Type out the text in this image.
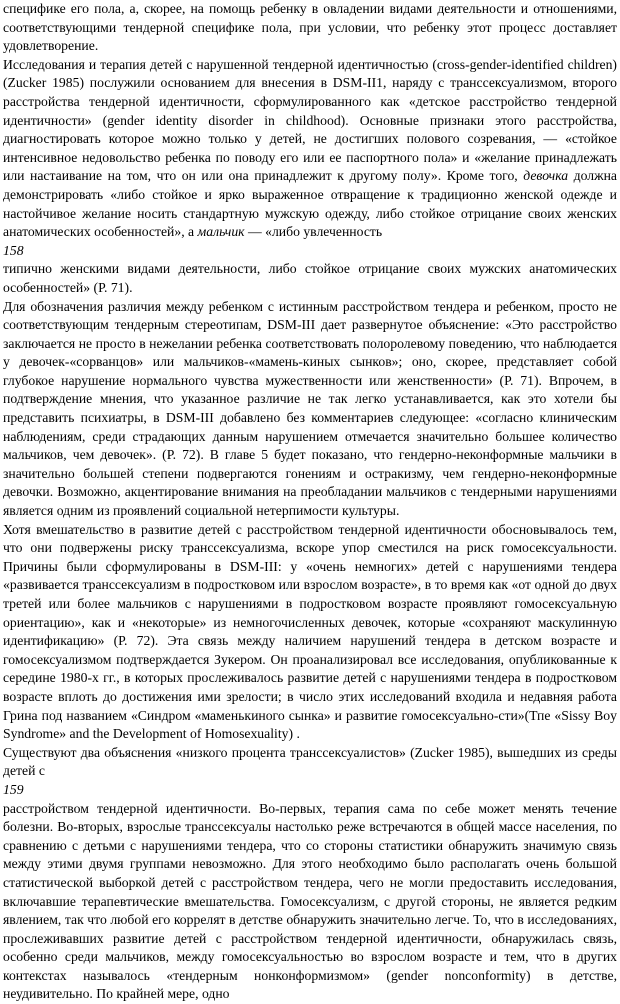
специфике его пола, а, скорее, на помощь ребенку в овладении видами деятельности и отношениями, соответствующими тендерной специфике пола, при условии, что ребенку этот процесс доставляет удовлетворение.

Исследования и терапия детей с нарушенной тендерной идентичностью (cross-gender-identified children) (Zucker 1985) послужили основанием для внесения в DSM-II1, наряду с транссексуализмом, второго расстройства тендерной идентичности, сформулированного как «детское расстройство тендерной идентичности» (gender identity disorder in childhood). Основные признаки этого расстройства, диагностировать которое можно только у детей, не достигших полового созревания, — «стойкое интенсивное недовольство ребенка по поводу его или ее паспортного пола» и «желание принадлежать или настаивание на том, что он или она принадлежит к другому полу». Кроме того, девочка должна демонстрировать «либо стойкое и ярко выраженное отвращение к традиционно женской одежде и настойчивое желание носить стандартную мужскую одежду, либо стойкое отрицание своих женских анатомических особенностей», а мальчик — «либо увлеченность

158

типично женскими видами деятельности, либо стойкое отрицание своих мужских анатомических особенностей» (Р. 71).

Для обозначения различия между ребенком с истинным расстройством тендера и ребенком, просто не соответствующим тендерным стереотипам, DSM-III дает развернутое объяснение: «Это расстройство заключается не просто в нежелании ребенка соответствовать полоролевому поведению, что наблюдается у девочек-«сорванцов» или мальчиков-«мамень-киных сынков»; оно, скорее, представляет собой глубокое нарушение нормального чувства мужественности или женственности» (Р. 71). Впрочем, в подтверждение мнения, что указанное различие не так легко устанавливается, как это хотели бы представить психиатры, в DSM-III добавлено без комментариев следующее: «согласно клиническим наблюдениям, среди страдающих данным нарушением отмечается значительно большее количество мальчиков, чем девочек». (Р. 72). В главе 5 будет показано, что гендерно-неконформные мальчики в значительно большей степени подвергаются гонениям и остракизму, чем гендерно-неконформные девочки. Возможно, акцентирование внимания на преобладании мальчиков с тендерными нарушениями является одним из проявлений социальной нетерпимости культуры.

Хотя вмешательство в развитие детей с расстройством тендерной идентичности обосновывалось тем, что они подвержены риску транссексуализма, вскоре упор сместился на риск гомосексуальности. Причины были сформулированы в DSM-III: у «очень немногих» детей с нарушениями тендера «развивается транссексуализм в подростковом или взрослом возрасте», в то время как «от одной до двух третей или более мальчиков с нарушениями в подростковом возрасте проявляют гомосексуальную ориентацию», как и «некоторые» из немногочисленных девочек, которые «сохраняют маскулинную идентификацию» (Р. 72). Эта связь между наличием нарушений тендера в детском возрасте и гомосексуализмом подтверждается Зукером. Он проанализировал все исследования, опубликованные к середине 1980-х гг., в которых прослеживалось развитие детей с нарушениями тендера в подростковом возрасте вплоть до достижения ими зрелости; в число этих исследований входила и недавняя работа Грина под названием «Синдром «маменькиного сынка» и развитие гомосексуально-сти»(Тпе «Sissy Boy Syndrome» and the Development of Homosexuality) .

Существуют два объяснения «низкого процента транссексуалистов» (Zucker 1985), вышедших из среды детей с

159

расстройством тендерной идентичности. Во-первых, терапия сама по себе может менять течение болезни. Во-вторых, взрослые транссексуалы настолько реже встречаются в общей массе населения, по сравнению с детьми с нарушениями тендера, что со стороны статистики обнаружить значимую связь между этими двумя группами невозможно. Для этого необходимо было располагать очень большой статистической выборкой детей с расстройством тендера, чего не могли предоставить исследования, включавшие терапевтические вмешательства. Гомосексуализм, с другой стороны, не является редким явлением, так что любой его коррелят в детстве обнаружить значительно легче. То, что в исследованиях, прослеживавших развитие детей с расстройством тендерной идентичности, обнаружилась связь, особенно среди мальчиков, между гомосексуальностью во взрослом возрасте и тем, что в других контекстах называлось «тендерным нонконформизмом» (gender nonconformity) в детстве, неудивительно. По крайней мере, одно
